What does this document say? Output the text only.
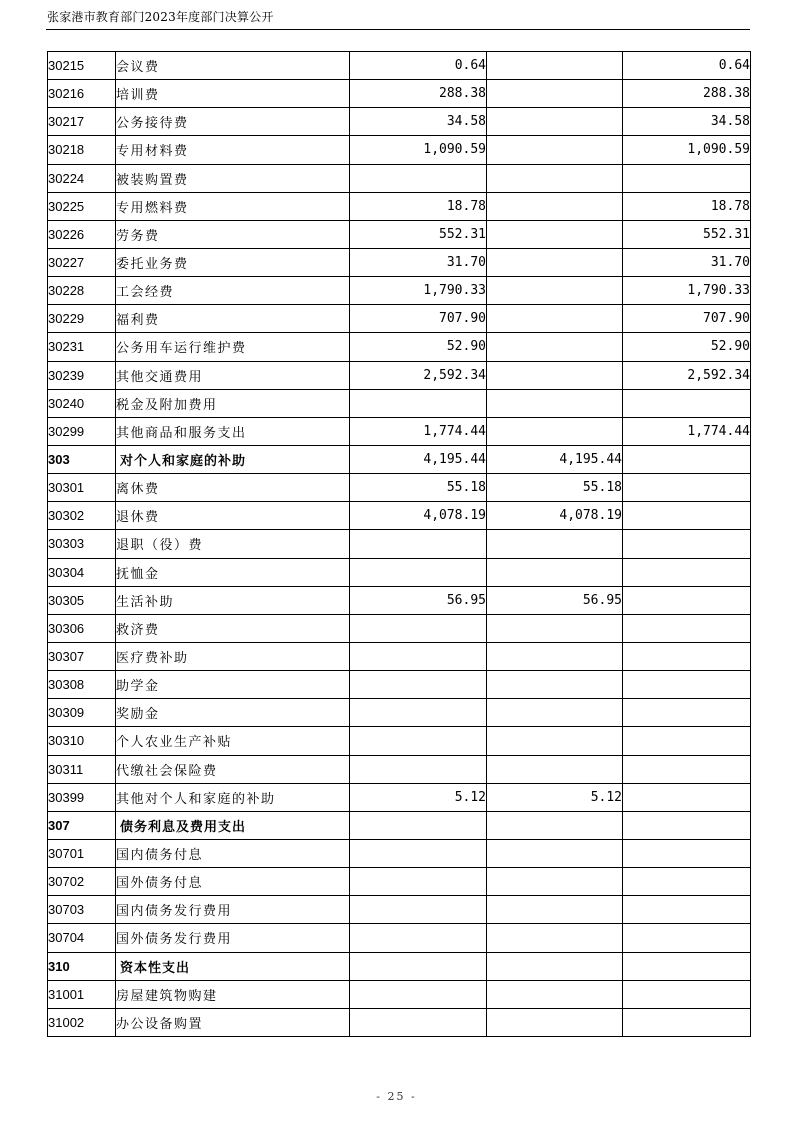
张家港市教育部门2023年度部门决算公开
30215	会议费	0.64		0.64
30216	培训费	288.38		288.38
30217	公务接待费	34.58		34.58
30218	专用材料费	1,090.59		1,090.59
30224	被装购置费			
30225	专用燃料费	18.78		18.78
30226	劳务费	552.31		552.31
30227	委托业务费	31.70		31.70
30228	工会经费	1,790.33		1,790.33
30229	福利费	707.90		707.90
30231	公务用车运行维护费	52.90		52.90
30239	其他交通费用	2,592.34		2,592.34
30240	税金及附加费用			
30299	其他商品和服务支出	1,774.44		1,774.44
303	对个人和家庭的补助	4,195.44	4,195.44	
30301	离休费	55.18	55.18	
30302	退休费	4,078.19	4,078.19	
30303	退职（役）费			
30304	抚恤金			
30305	生活补助	56.95	56.95	
30306	救济费			
30307	医疗费补助			
30308	助学金			
30309	奖励金			
30310	个人农业生产补贴			
30311	代缴社会保险费			
30399	其他对个人和家庭的补助	5.12	5.12	
307	债务利息及费用支出			
30701	国内债务付息			
30702	国外债务付息			
30703	国内债务发行费用			
30704	国外债务发行费用			
310	资本性支出			
31001	房屋建筑物购建			
31002	办公设备购置			
- 25 -
